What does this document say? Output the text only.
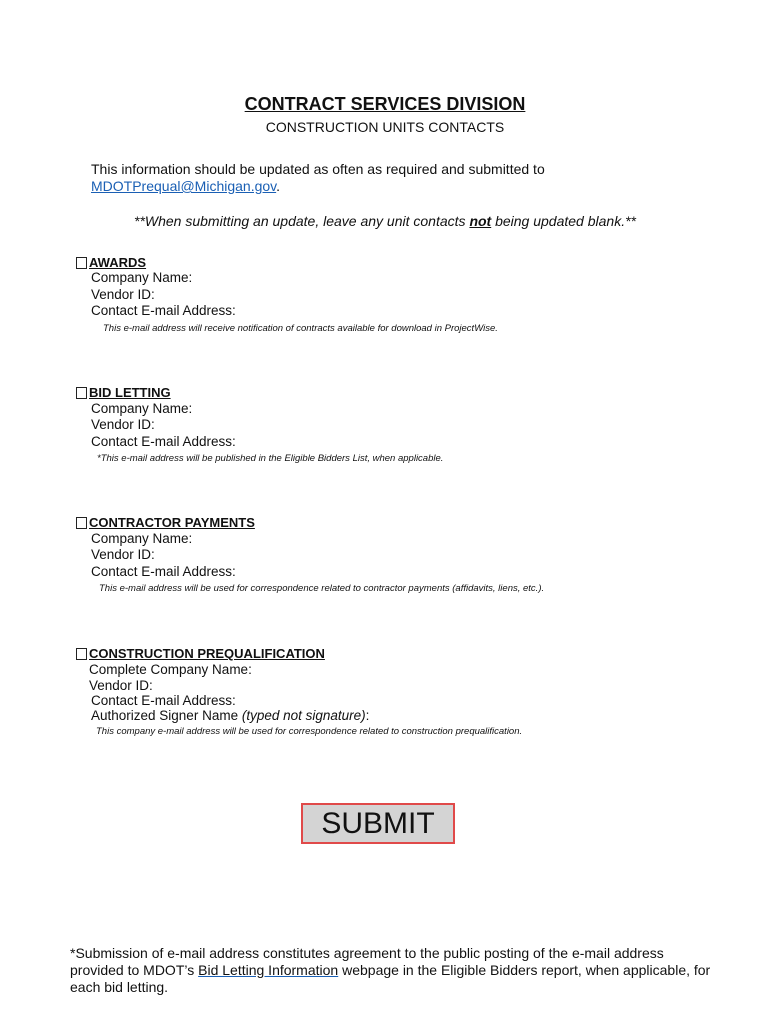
CONTRACT SERVICES DIVISION
CONSTRUCTION UNITS CONTACTS
This information should be updated as often as required and submitted to
MDOTPrequal@Michigan.gov.
**When submitting an update, leave any unit contacts not being updated blank.**
AWARDS
Company Name:
Vendor ID:
Contact E-mail Address:
This e-mail address will receive notification of contracts available for download in ProjectWise.
BID LETTING
Company Name:
Vendor ID:
Contact E-mail Address:
*This e-mail address will be published in the Eligible Bidders List, when applicable.
CONTRACTOR PAYMENTS
Company Name:
Vendor ID:
Contact E-mail Address:
This e-mail address will be used for correspondence related to contractor payments (affidavits, liens, etc.).
CONSTRUCTION PREQUALIFICATION
Complete Company Name:
Vendor ID:
Contact E-mail Address:
Authorized Signer Name (typed not signature):
This company e-mail address will be used for correspondence related to construction prequalification.
SUBMIT
*Submission of e-mail address constitutes agreement to the public posting of the e-mail address provided to MDOT’s Bid Letting Information webpage in the Eligible Bidders report, when applicable, for each bid letting.
